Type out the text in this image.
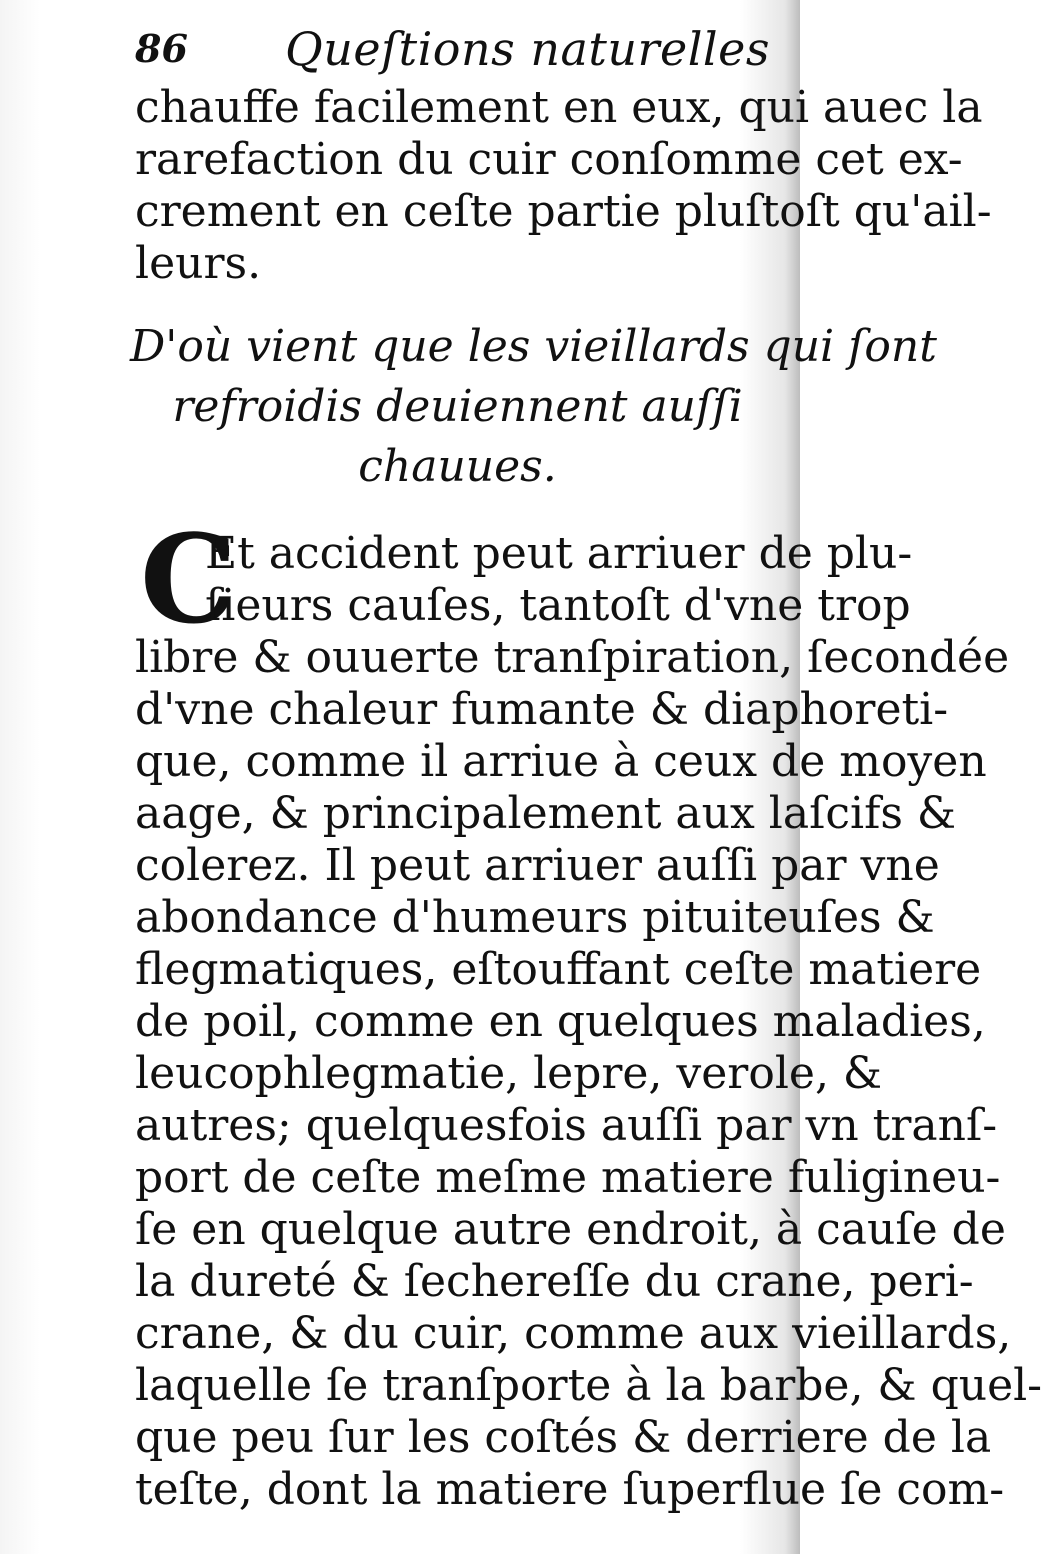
86 Queſtions naturelles
chauffe facilement en eux, qui auec la
rarefaction du cuir conſomme cet ex-
crement en ceſte partie pluſtoſt qu'ail-
leurs.
D'où vient que les vieillards qui ſont
refroidis deuiennent auſſi
chauues.
C
Et accident peut arriuer de plu-
ſieurs cauſes, tantoſt d'vne trop
libre & ouuerte tranſpiration, ſecondée
d'vne chaleur fumante & diaphoreti-
que, comme il arriue à ceux de moyen
aage, & principalement aux laſcifs &
colerez. Il peut arriuer auſſi par vne
abondance d'humeurs pituiteuſes &
flegmatiques, eſtouffant ceſte matiere
de poil, comme en quelques maladies,
leucophlegmatie, lepre, verole, &
autres; quelquesfois auſſi par vn tranſ-
port de ceſte meſme matiere fuligineu-
ſe en quelque autre endroit, à cauſe de
la dureté & ſechereſſe du crane, peri-
crane, & du cuir, comme aux vieillards,
laquelle ſe tranſporte à la barbe, & quel-
que peu ſur les coſtés & derriere de la
teſte, dont la matiere ſuperflue ſe com-
